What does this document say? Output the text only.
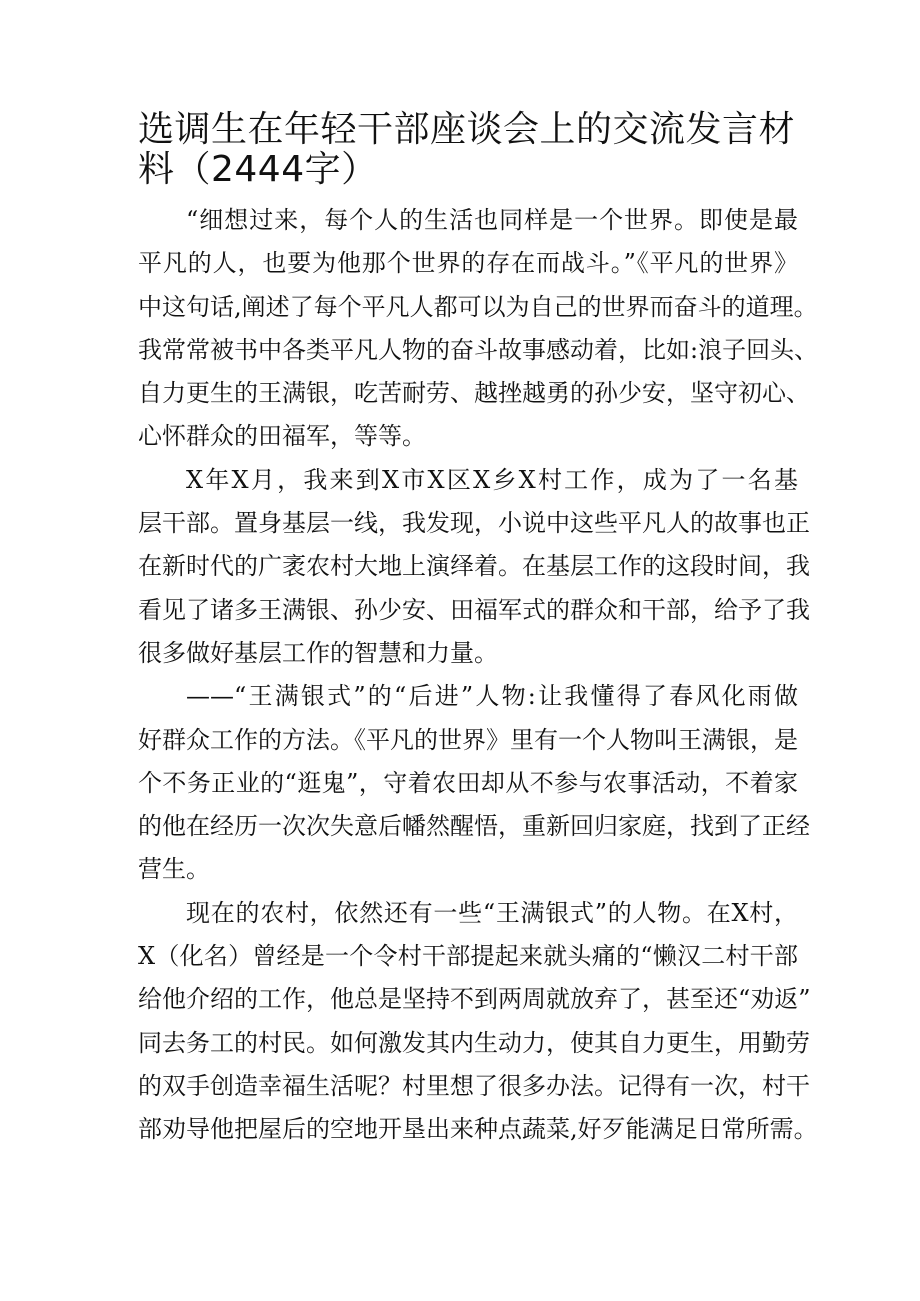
选调生在年轻干部座谈会上的交流发言材
料（2444字）

“细想过来，每个人的生活也同样是一个世界。即使是最
平凡的人，也要为他那个世界的存在而战斗。”《平凡的世界》
中这句话,阐述了每个平凡人都可以为自己的世界而奋斗的道理。
我常常被书中各类平凡人物的奋斗故事感动着，比如:浪子回头、
自力更生的王满银，吃苦耐劳、越挫越勇的孙少安，坚守初心、
心怀群众的田福军，等等。

X年X月，我来到X市X区X乡X村工作，成为了一名基
层干部。置身基层一线，我发现，小说中这些平凡人的故事也正
在新时代的广袤农村大地上演绎着。在基层工作的这段时间，我
看见了诸多王满银、孙少安、田福军式的群众和干部，给予了我
很多做好基层工作的智慧和力量。

——“王满银式”的“后进”人物:让我懂得了春风化雨做
好群众工作的方法。《平凡的世界》里有一个人物叫王满银，是
个不务正业的“逛鬼”，守着农田却从不参与农事活动，不着家
的他在经历一次次失意后幡然醒悟，重新回归家庭，找到了正经
营生。

现在的农村，依然还有一些“王满银式”的人物。在X村，
X（化名）曾经是一个令村干部提起来就头痛的“懒汉二村干部
给他介绍的工作，他总是坚持不到两周就放弃了，甚至还“劝返”
同去务工的村民。如何激发其内生动力，使其自力更生，用勤劳
的双手创造幸福生活呢？村里想了很多办法。记得有一次，村干
部劝导他把屋后的空地开垦出来种点蔬菜,好歹能满足日常所需。
